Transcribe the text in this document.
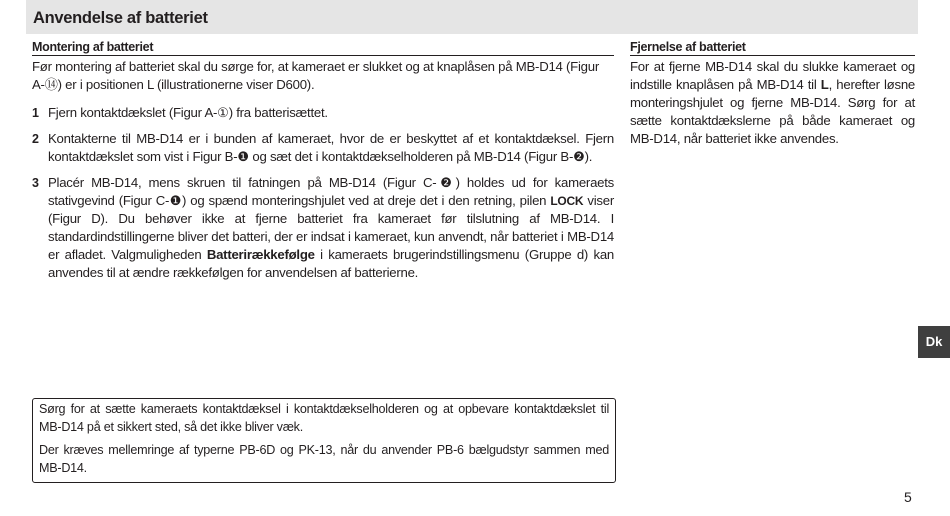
Anvendelse af batteriet
Montering af batteriet

Før montering af batteriet skal du sørge for, at kameraet er slukket og at knaplåsen på MB-D14 (Figur A-⑭) er i positionen L (illustrationerne viser D600).

1 Fjern kontaktdækslet (Figur A-①) fra batterisættet.
2 Kontakterne til MB-D14 er i bunden af kameraet, hvor de er beskyttet af et kontaktdæksel. Fjern kontaktdækslet som vist i Figur B-❶ og sæt det i kontaktdækselholderen på MB-D14 (Figur B-❷).
3 Placér MB-D14, mens skruen til fatningen på MB-D14 (Figur C-❷) holdes ud for kameraets stativgevind (Figur C-❶) og spænd monteringshjulet ved at dreje det i den retning, pilen LOCK viser (Figur D). Du behøver ikke at fjerne batteriet fra kameraet før tilslutning af MB-D14. I standardindstillingerne bliver det batteri, der er indsat i kameraet, kun anvendt, når batteriet i MB-D14 er afladet. Valgmuligheden Batterirækkefølge i kameraets brugerindstillingsmenu (Gruppe d) kan anvendes til at ændre rækkefølgen for anvendelsen af batterierne.
Fjernelse af batteriet

For at fjerne MB-D14 skal du slukke kameraet og indstille knaplåsen på MB-D14 til L, herefter løsne monteringshjulet og fjerne MB-D14. Sørg for at sætte kontaktdækslerne på både kameraet og MB-D14, når batteriet ikke anvendes.

Sørg for at sætte kameraets kontaktdæksel i kontaktdækselholderen og at opbevare kontaktdækslet til MB-D14 på et sikkert sted, så det ikke bliver væk.

Der kræves mellemringe af typerne PB-6D og PK-13, når du anvender PB-6 bælgudstyr sammen med MB-D14.

Dk
5
